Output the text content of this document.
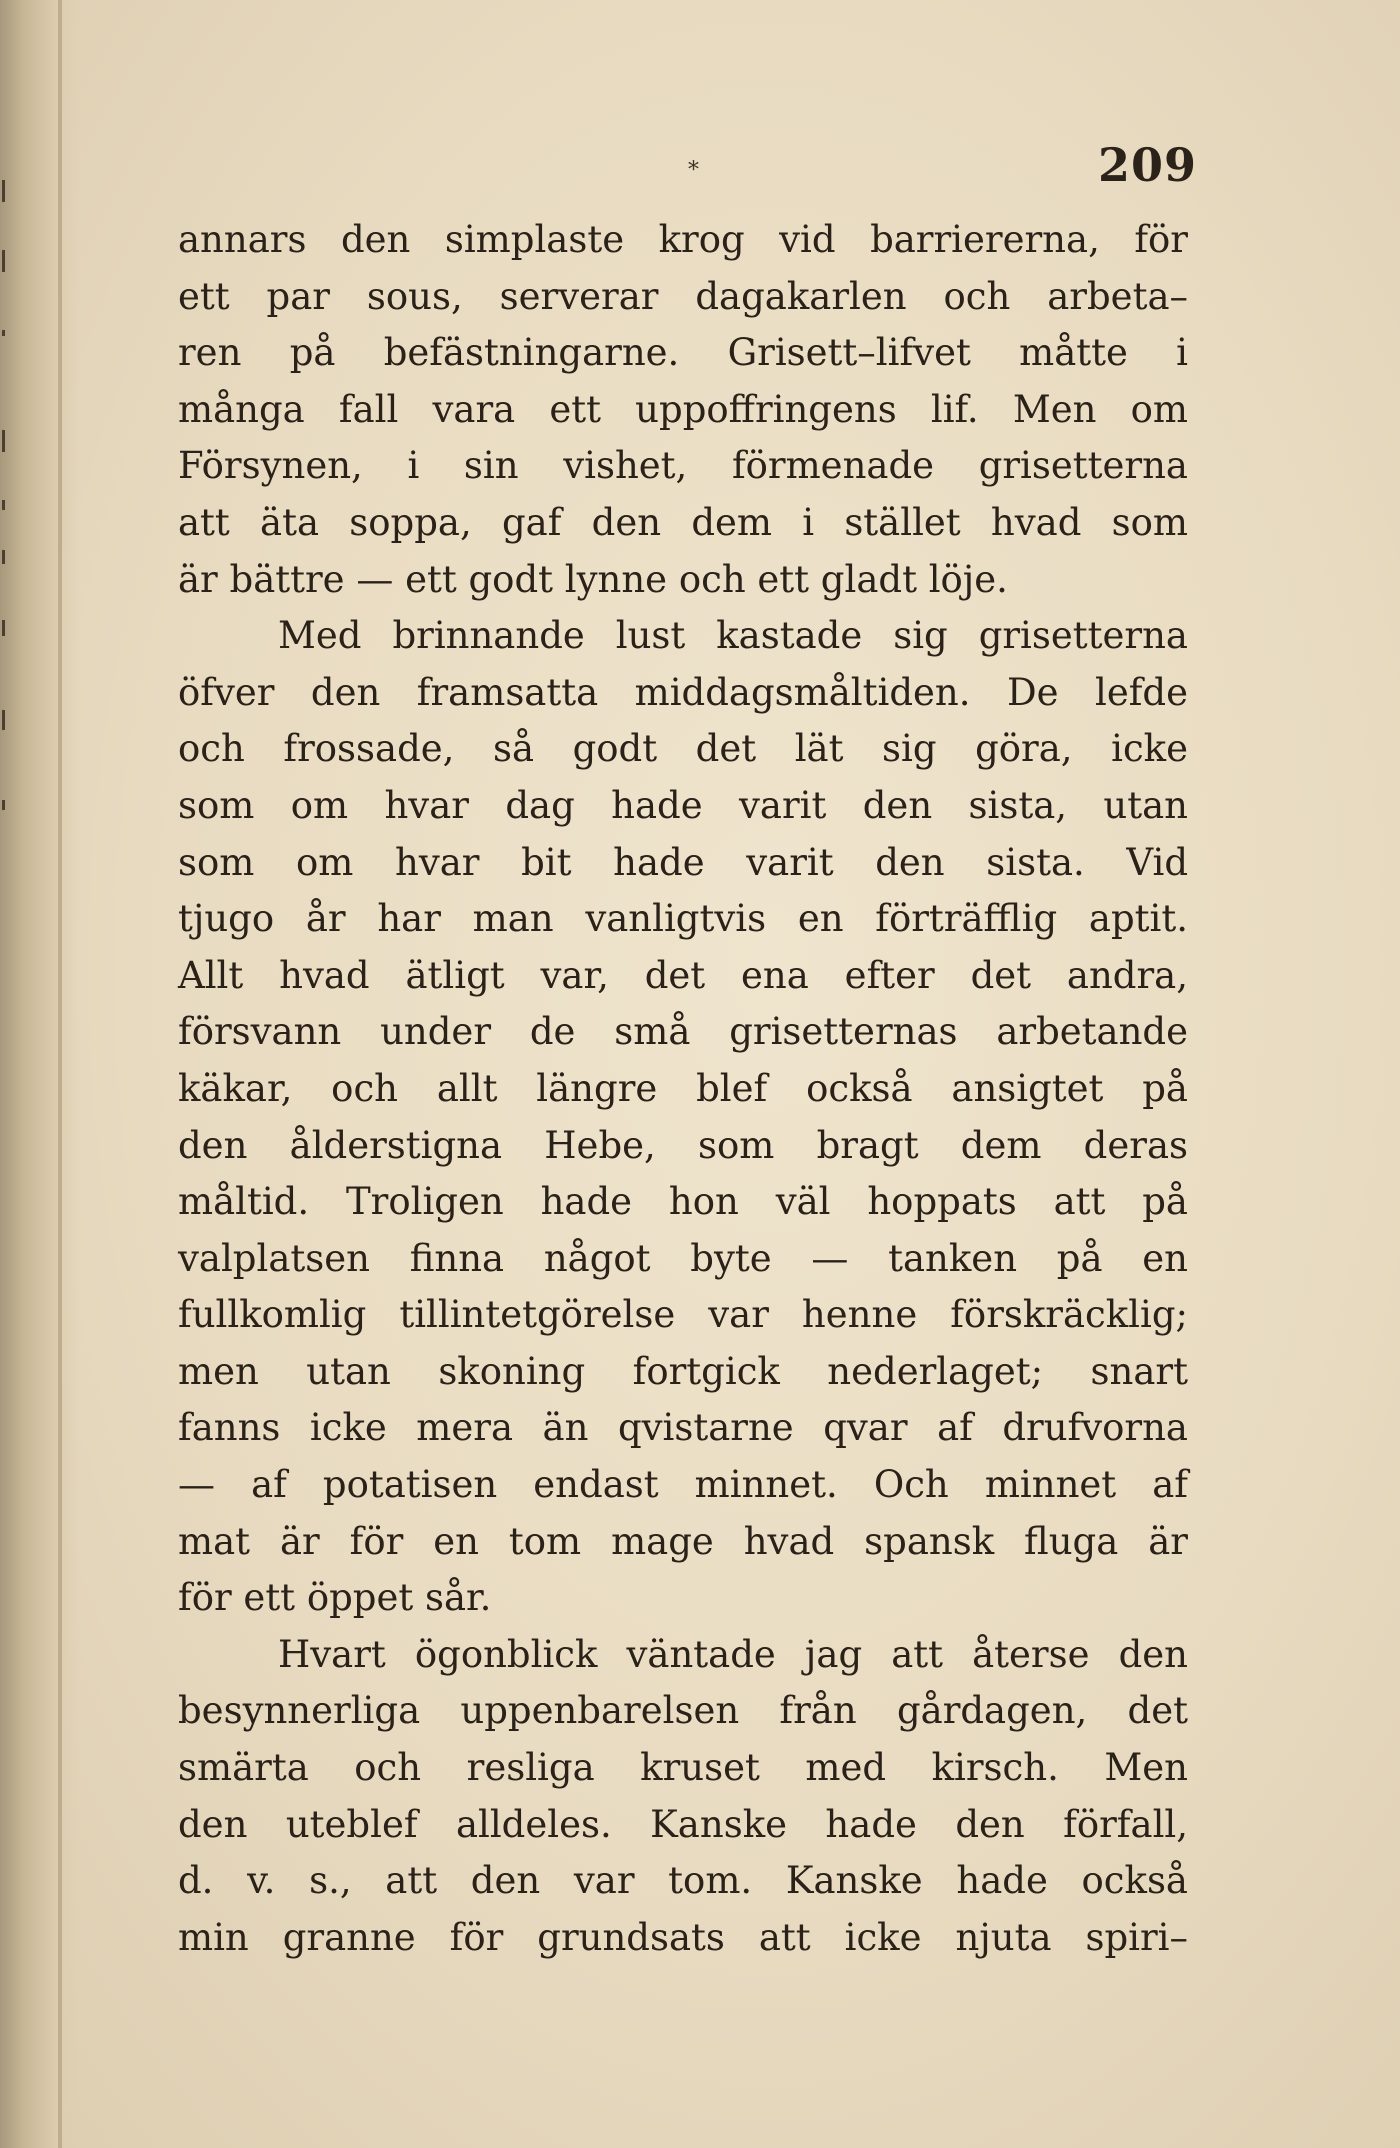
*	209
annars den simplaste krog vid barriererna, för
ett par sous, serverar dagakarlen och arbeta–
ren på befästningarne. Grisett–lifvet måtte i
många fall vara ett uppoffringens lif. Men om
Försynen, i sin vishet, förmenade grisetterna
att äta soppa, gaf den dem i stället hvad som
är bättre — ett godt lynne och ett gladt löje.
Med brinnande lust kastade sig grisetterna
öfver den framsatta middagsmåltiden. De lefde
och frossade, så godt det lät sig göra, icke
som om hvar dag hade varit den sista, utan
som om hvar bit hade varit den sista. Vid
tjugo år har man vanligtvis en förträfflig aptit.
Allt hvad ätligt var, det ena efter det andra,
försvann under de små grisetternas arbetande
käkar, och allt längre blef också ansigtet på
den ålderstigna Hebe, som bragt dem deras
måltid. Troligen hade hon väl hoppats att på
valplatsen finna något byte — tanken på en
fullkomlig tillintetgörelse var henne förskräcklig;
men utan skoning fortgick nederlaget; snart
fanns icke mera än qvistarne qvar af drufvorna
— af potatisen endast minnet. Och minnet af
mat är för en tom mage hvad spansk fluga är
för ett öppet sår.
Hvart ögonblick väntade jag att återse den
besynnerliga uppenbarelsen från gårdagen, det
smärta och resliga kruset med kirsch. Men
den uteblef alldeles. Kanske hade den förfall,
d. v. s., att den var tom. Kanske hade också
min granne för grundsats att icke njuta spiri–
